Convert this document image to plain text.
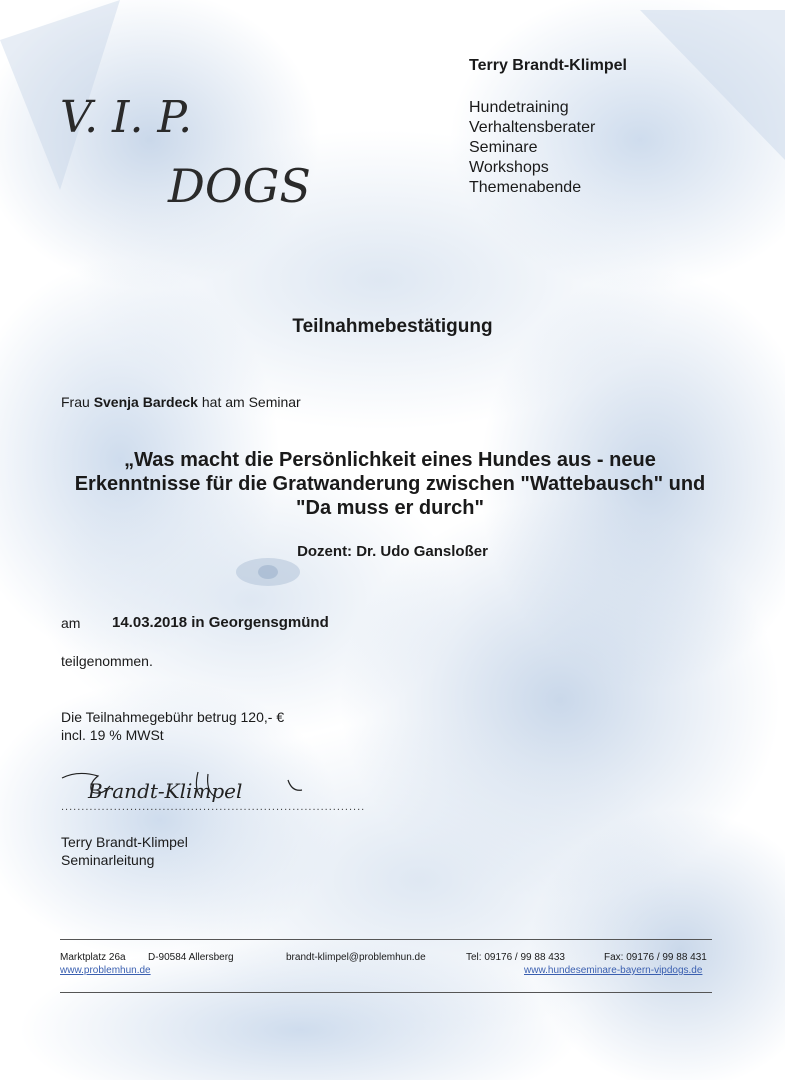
V. I. P.
DOGS
Terry Brandt-Klimpel
Hundetraining
Verhaltensberater
Seminare
Workshops
Themenabende
Teilnahmebestätigung
Frau Svenja Bardeck hat am Seminar
„Was macht die Persönlichkeit eines Hundes aus - neue Erkenntnisse für die Gratwanderung zwischen "Wattebausch" und "Da muss er durch"
Dozent: Dr. Udo Gansloßer
am 14.03.2018 in Georgensgmünd
teilgenommen.
Die Teilnahmegebühr betrug 120,- €
incl. 19 % MWSt
Brandt-Klimpel
...........................................................................
Terry Brandt-Klimpel
Seminarleitung
Marktplatz 26a D-90584 Allersberg	brandt-klimpel@problemhun.de	Tel: 09176 / 99 88 433	Fax: 09176 / 99 88 431
www.problemhun.de	www.hundeseminare-bayern-vipdogs.de
